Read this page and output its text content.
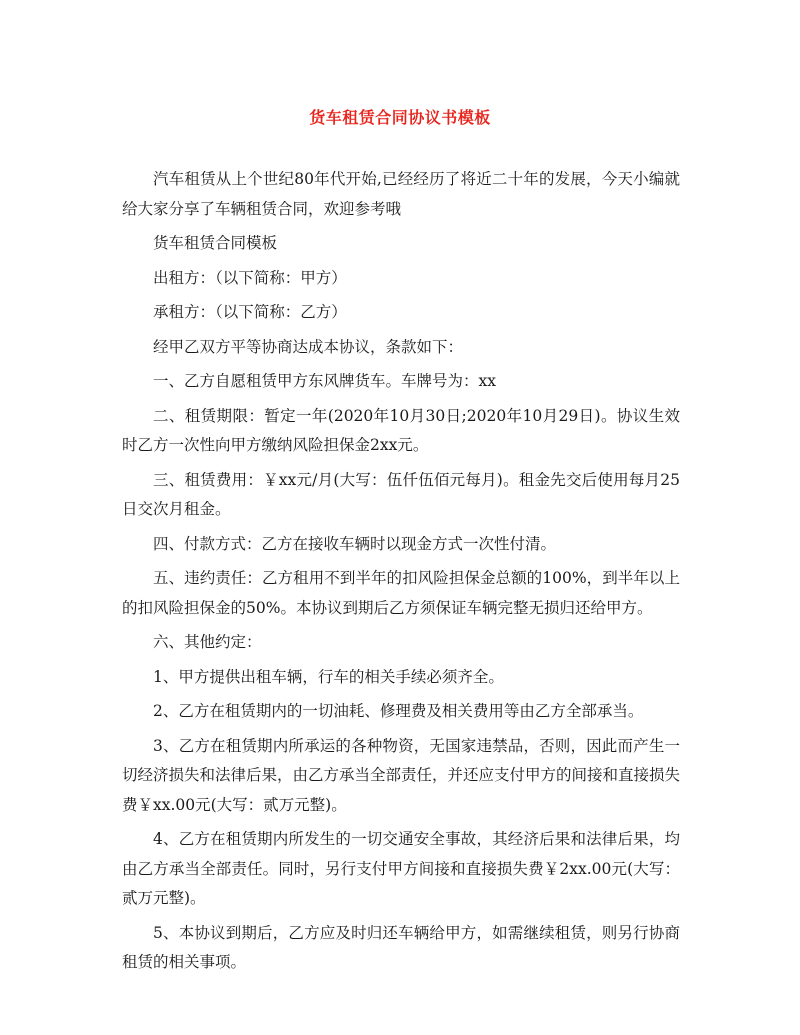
货车租赁合同协议书模板

汽车租赁从上个世纪80年代开始,已经经历了将近二十年的发展，今天小编就给大家分享了车辆租赁合同，欢迎参考哦

货车租赁合同模板

出租方：（以下简称：甲方）

承租方：（以下简称：乙方）

经甲乙双方平等协商达成本协议，条款如下：

一、乙方自愿租赁甲方东风牌货车。车牌号为：xx

二、租赁期限：暂定一年(2020年10月30日;2020年10月29日)。协议生效时乙方一次性向甲方缴纳风险担保金2xx元。

三、租赁费用：￥xx元/月(大写：伍仟伍佰元每月)。租金先交后使用每月25日交次月租金。

四、付款方式：乙方在接收车辆时以现金方式一次性付清。

五、违约责任：乙方租用不到半年的扣风险担保金总额的100%，到半年以上的扣风险担保金的50%。本协议到期后乙方须保证车辆完整无损归还给甲方。

六、其他约定：

1、甲方提供出租车辆，行车的相关手续必须齐全。

2、乙方在租赁期内的一切油耗、修理费及相关费用等由乙方全部承当。

3、乙方在租赁期内所承运的各种物资，无国家违禁品，否则，因此而产生一切经济损失和法律后果，由乙方承当全部责任，并还应支付甲方的间接和直接损失费￥xx.00元(大写：贰万元整)。

4、乙方在租赁期内所发生的一切交通安全事故，其经济后果和法律后果，均由乙方承当全部责任。同时，另行支付甲方间接和直接损失费￥2xx.00元(大写：贰万元整)。

5、本协议到期后，乙方应及时归还车辆给甲方，如需继续租赁，则另行协商租赁的相关事项。
